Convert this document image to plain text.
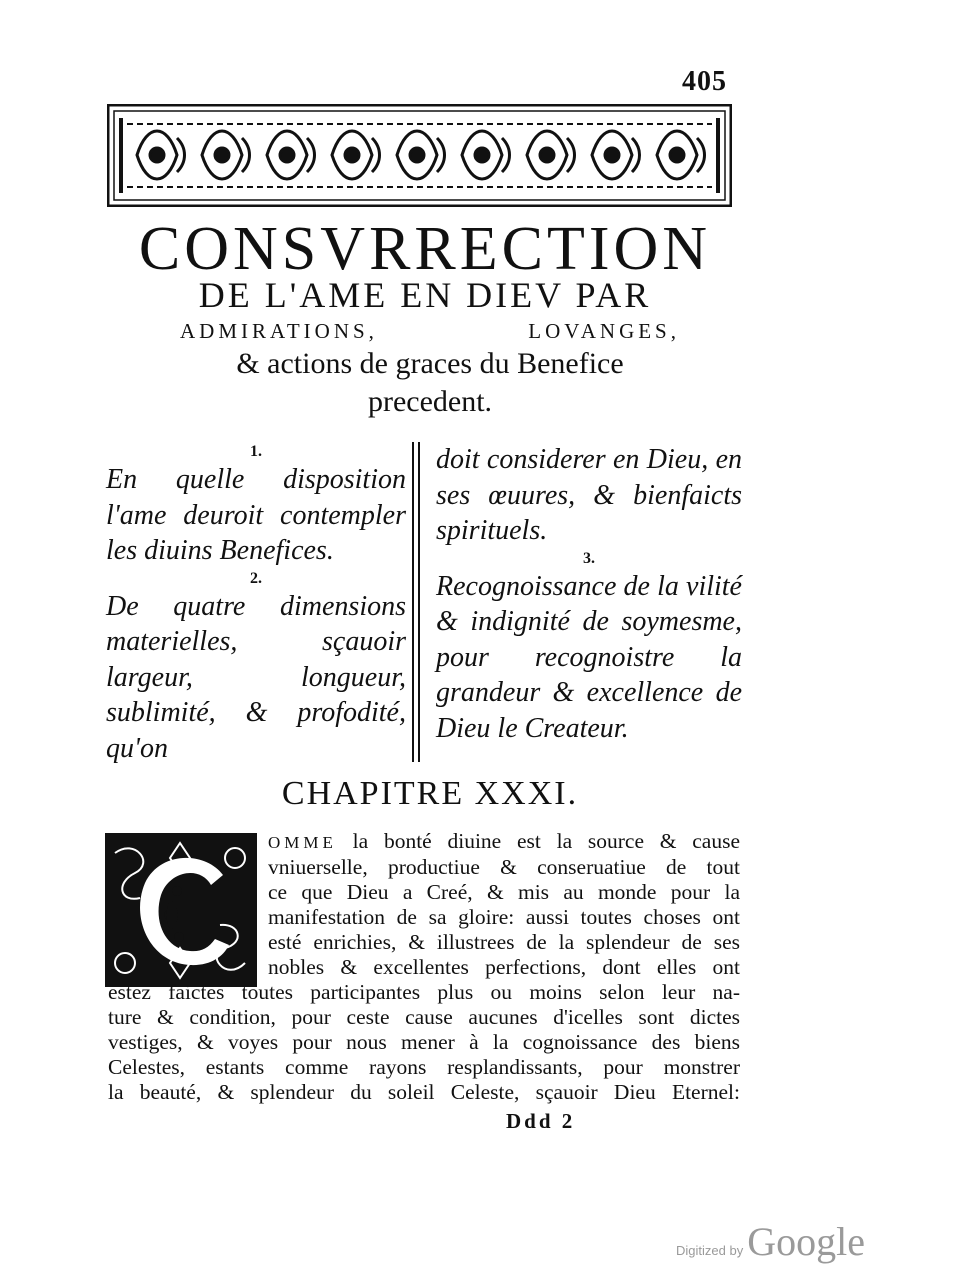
405
CONSVRRECTION
DE L'AME EN DIEV PAR
ADMIRATIONS,	LOVANGES,
& actions de graces du Benefice
precedent.
1.

En quelle disposition l'ame deuroit contempler les diuins Benefices.

2.

De quatre dimensions materielles, sçauoir largeur, longueur, sublimité, & profodité, qu'on

doit considerer en Dieu, en ses œuures, & bienfaicts spirituels.

3.

Recognoissance de la vilité & indignité de soymesme, pour recognoistre la grandeur & excellence de Dieu le Createur.

CHAPITRE XXXI.
OMME la bonté diuine est la source & cause
vniuerselle, productiue & conseruatiue de tout
ce que Dieu a Creé, & mis au monde pour la
manifestation de sa gloire: aussi toutes choses ont
esté enrichies, & illustrees de la splendeur de ses
nobles & excellentes perfections, dont elles ont
estez faictes toutes participantes plus ou moins selon leur na-
ture & condition, pour ceste cause aucunes d'icelles sont dictes
vestiges, & voyes pour nous mener à la cognoissance des biens
Celestes, estants comme rayons resplandissants, pour monstrer
la beauté, & splendeur du soleil Celeste, sçauoir Dieu Eternel:
Ddd 2
Digitized by Google
